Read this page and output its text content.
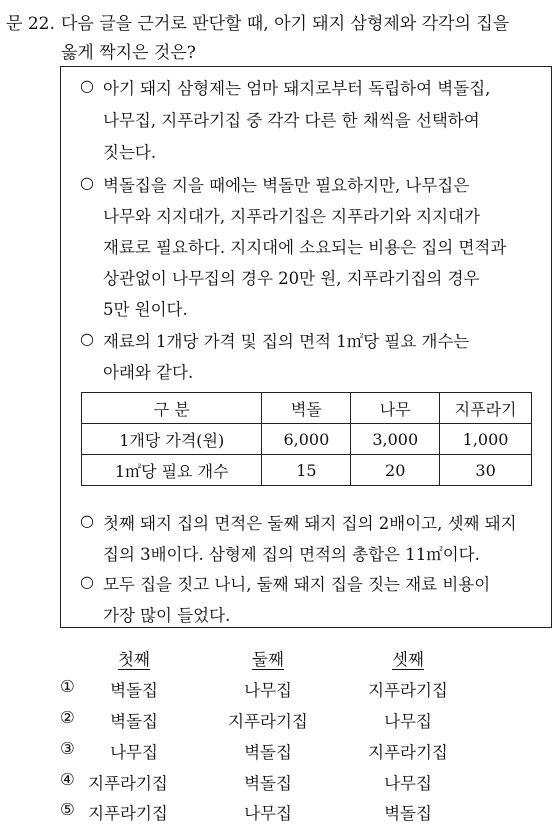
문 22. 다음 글을 근거로 판단할 때, 아기 돼지 삼형제와 각각의 집을
옳게 짝지은 것은?
○ 아기 돼지 삼형제는 엄마 돼지로부터 독립하여 벽돌집,
나무집, 지푸라기집 중 각각 다른 한 채씩을 선택하여
짓는다.
○ 벽돌집을 지을 때에는 벽돌만 필요하지만, 나무집은
나무와 지지대가, 지푸라기집은 지푸라기와 지지대가
재료로 필요하다. 지지대에 소요되는 비용은 집의 면적과
상관없이 나무집의 경우 20만 원, 지푸라기집의 경우
5만 원이다.
○ 재료의 1개당 가격 및 집의 면적 1㎡당 필요 개수는
아래와 같다.
구 분	벽돌	나무	지푸라기
1개당 가격(원)	6,000	3,000	1,000
1㎡당 필요 개수	15	20	30
○ 첫째 돼지 집의 면적은 둘째 돼지 집의 2배이고, 셋째 돼지
집의 3배이다. 삼형제 집의 면적의 총합은 11㎡이다.
○ 모두 집을 짓고 나니, 둘째 돼지 집을 짓는 재료 비용이
가장 많이 들었다.
첫째	둘째	셋째
① 벽돌집	나무집	지푸라기집
② 벽돌집	지푸라기집	나무집
③ 나무집	벽돌집	지푸라기집
④ 지푸라기집	벽돌집	나무집
⑤ 지푸라기집	나무집	벽돌집
